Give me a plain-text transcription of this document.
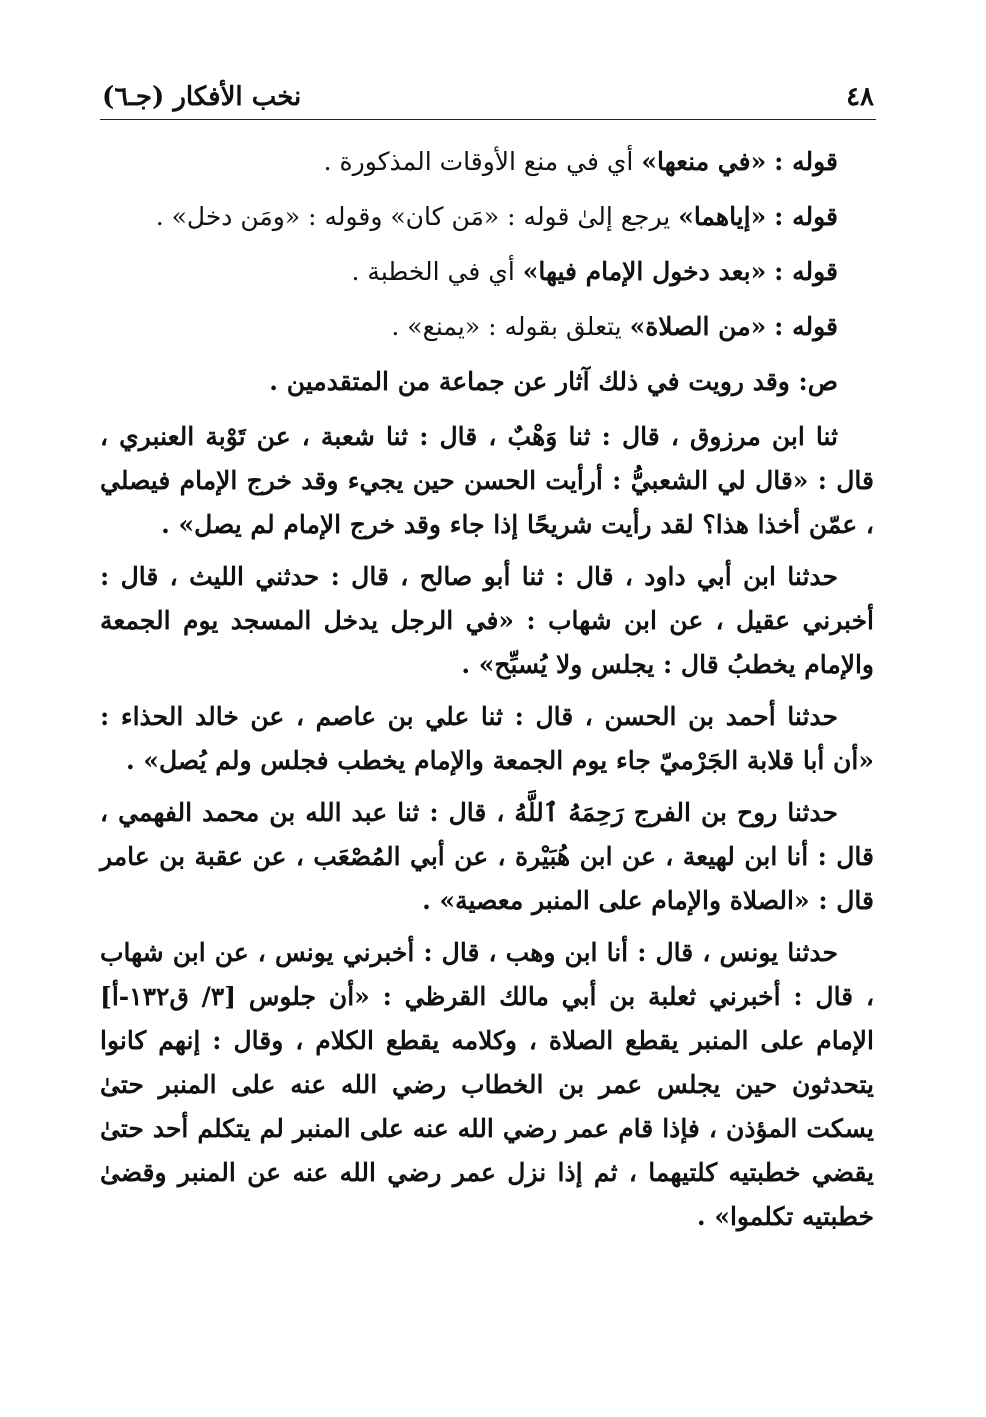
٤٨
نخب الأفكار (جـ٦)
قوله : «في منعها» أي في منع الأوقات المذكورة .
قوله : «إياهما» يرجع إلىٰ قوله : «مَن كان» وقوله : «ومَن دخل» .
قوله : «بعد دخول الإمام فيها» أي في الخطبة .
قوله : «من الصلاة» يتعلق بقوله : «يمنع» .
ص: وقد رويت في ذلك آثار عن جماعة من المتقدمين .

ثنا ابن مرزوق ، قال : ثنا وَهْبٌ ، قال : ثنا شعبة ، عن تَوْبة العنبري ، قال : «قال لي الشعبيُّ : أرأيت الحسن حين يجيء وقد خرج الإمام فيصلي ، عمّن أخذا هذا؟ لقد رأيت شريحًا إذا جاء وقد خرج الإمام لم يصل» .

حدثنا ابن أبي داود ، قال : ثنا أبو صالح ، قال : حدثني الليث ، قال : أخبرني عقيل ، عن ابن شهاب : «في الرجل يدخل المسجد يوم الجمعة والإمام يخطبُ قال : يجلس ولا يُسبِّح» .

حدثنا أحمد بن الحسن ، قال : ثنا علي بن عاصم ، عن خالد الحذاء : «أن أبا قلابة الجَرْميّ جاء يوم الجمعة والإمام يخطب فجلس ولم يُصل» .

حدثنا روح بن الفرج رَحِمَهُ ٱللَّهُ ، قال : ثنا عبد الله بن محمد الفهمي ، قال : أنا ابن لهيعة ، عن ابن هُبَيْرة ، عن أبي المُصْعَب ، عن عقبة بن عامر قال : «الصلاة والإمام على المنبر معصية» .

حدثنا يونس ، قال : أنا ابن وهب ، قال : أخبرني يونس ، عن ابن شهاب ، قال : أخبرني ثعلبة بن أبي مالك القرظي : «أن جلوس [٣/ ق١٣٢-أ] الإمام على المنبر يقطع الصلاة ، وكلامه يقطع الكلام ، وقال : إنهم كانوا يتحدثون حين يجلس عمر بن الخطاب رضي الله عنه على المنبر حتىٰ يسكت المؤذن ، فإذا قام عمر رضي الله عنه على المنبر لم يتكلم أحد حتىٰ يقضي خطبتيه كلتيهما ، ثم إذا نزل عمر رضي الله عنه عن المنبر وقضىٰ خطبتيه تكلموا» .
